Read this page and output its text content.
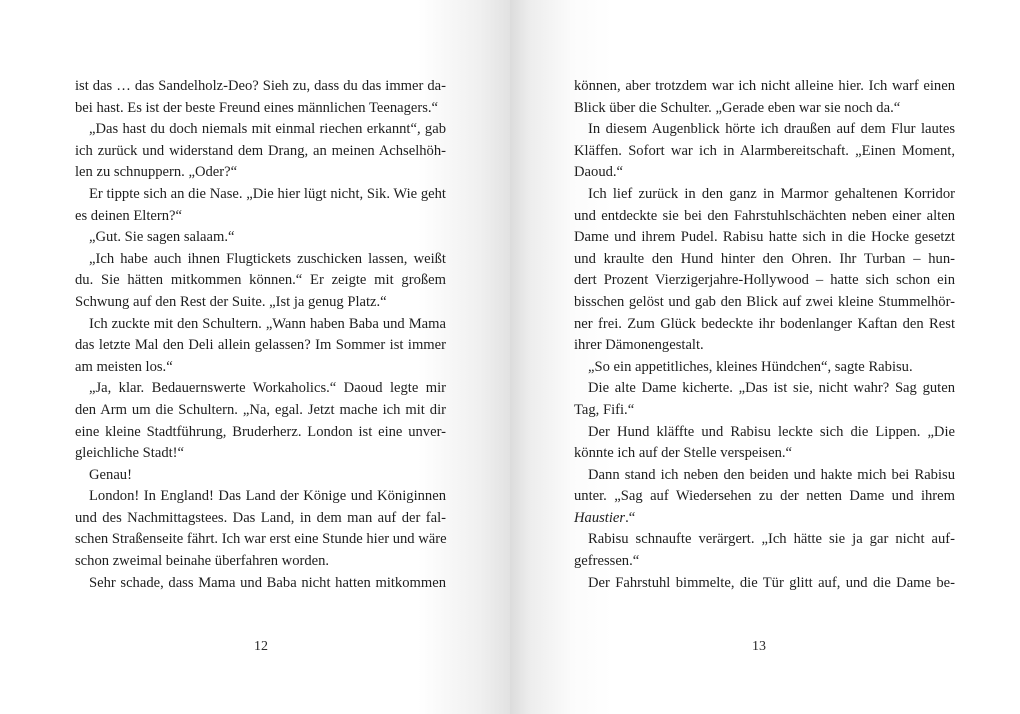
ist das … das Sandelholz-Deo? Sieh zu, dass du das immer da-
bei hast. Es ist der beste Freund eines männlichen Teenagers.“
„Das hast du doch niemals mit einmal riechen erkannt“, gab
ich zurück und widerstand dem Drang, an meinen Achselhöh-
len zu schnuppern. „Oder?“
Er tippte sich an die Nase. „Die hier lügt nicht, Sik. Wie geht
es deinen Eltern?“
„Gut. Sie sagen salaam.“
„Ich habe auch ihnen Flugtickets zuschicken lassen, weißt
du. Sie hätten mitkommen können.“ Er zeigte mit großem
Schwung auf den Rest der Suite. „Ist ja genug Platz.“
Ich zuckte mit den Schultern. „Wann haben Baba und Mama
das letzte Mal den Deli allein gelassen? Im Sommer ist immer
am meisten los.“
„Ja, klar. Bedauernswerte Workaholics.“ Daoud legte mir
den Arm um die Schultern. „Na, egal. Jetzt mache ich mit dir
eine kleine Stadtführung, Bruderherz. London ist eine unver-
gleichliche Stadt!“
Genau!
London! In England! Das Land der Könige und Königinnen
und des Nachmittagstees. Das Land, in dem man auf der fal-
schen Straßenseite fährt. Ich war erst eine Stunde hier und wäre
schon zweimal beinahe überfahren worden.
Sehr schade, dass Mama und Baba nicht hatten mitkommen
12
können, aber trotzdem war ich nicht alleine hier. Ich warf einen
Blick über die Schulter. „Gerade eben war sie noch da.“
In diesem Augenblick hörte ich draußen auf dem Flur lautes
Kläffen. Sofort war ich in Alarmbereitschaft. „Einen Moment,
Daoud.“
Ich lief zurück in den ganz in Marmor gehaltenen Korridor
und entdeckte sie bei den Fahrstuhlschächten neben einer alten
Dame und ihrem Pudel. Rabisu hatte sich in die Hocke gesetzt
und kraulte den Hund hinter den Ohren. Ihr Turban – hun-
dert Prozent Vierzigerjahre-Hollywood – hatte sich schon ein
bisschen gelöst und gab den Blick auf zwei kleine Stummelhör-
ner frei. Zum Glück bedeckte ihr bodenlanger Kaftan den Rest
ihrer Dämonengestalt.
„So ein appetitliches, kleines Hündchen“, sagte Rabisu.
Die alte Dame kicherte. „Das ist sie, nicht wahr? Sag guten
Tag, Fifi.“
Der Hund kläffte und Rabisu leckte sich die Lippen. „Die
könnte ich auf der Stelle verspeisen.“
Dann stand ich neben den beiden und hakte mich bei Rabisu
unter. „Sag auf Wiedersehen zu der netten Dame und ihrem
Haustier.“
Rabisu schnaufte verärgert. „Ich hätte sie ja gar nicht auf-
gefressen.“
Der Fahrstuhl bimmelte, die Tür glitt auf, und die Dame be-
13
